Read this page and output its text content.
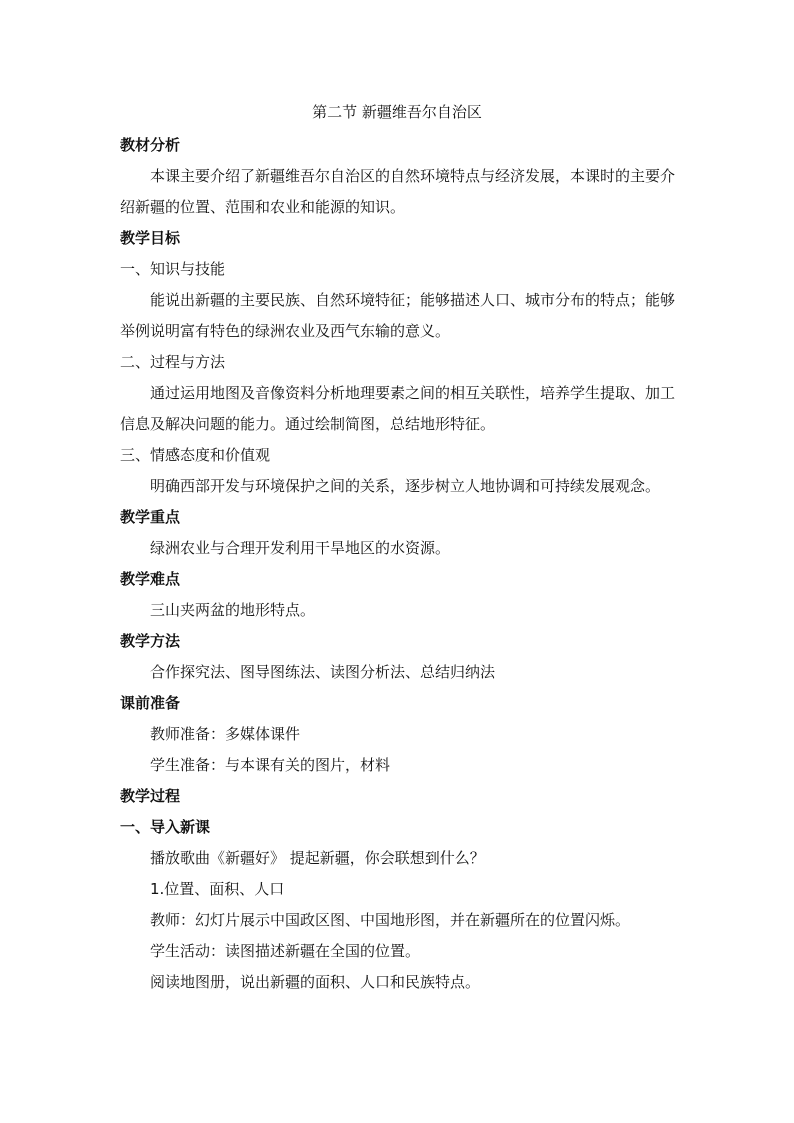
第二节 新疆维吾尔自治区

教材分析

本课主要介绍了新疆维吾尔自治区的自然环境特点与经济发展，本课时的主要介绍新疆的位置、范围和农业和能源的知识。

教学目标

一、知识与技能

能说出新疆的主要民族、自然环境特征；能够描述人口、城市分布的特点；能够举例说明富有特色的绿洲农业及西气东输的意义。

二、过程与方法

通过运用地图及音像资料分析地理要素之间的相互关联性，培养学生提取、加工信息及解决问题的能力。通过绘制简图，总结地形特征。

三、情感态度和价值观

明确西部开发与环境保护之间的关系，逐步树立人地协调和可持续发展观念。

教学重点

绿洲农业与合理开发利用干旱地区的水资源。

教学难点

三山夹两盆的地形特点。

教学方法

合作探究法、图导图练法、读图分析法、总结归纳法

课前准备

教师准备：多媒体课件

学生准备：与本课有关的图片，材料

教学过程

一、导入新课

播放歌曲《新疆好》 提起新疆，你会联想到什么？

1.位置、面积、人口

教师：幻灯片展示中国政区图、中国地形图，并在新疆所在的位置闪烁。

学生活动：读图描述新疆在全国的位置。

阅读地图册，说出新疆的面积、人口和民族特点。
